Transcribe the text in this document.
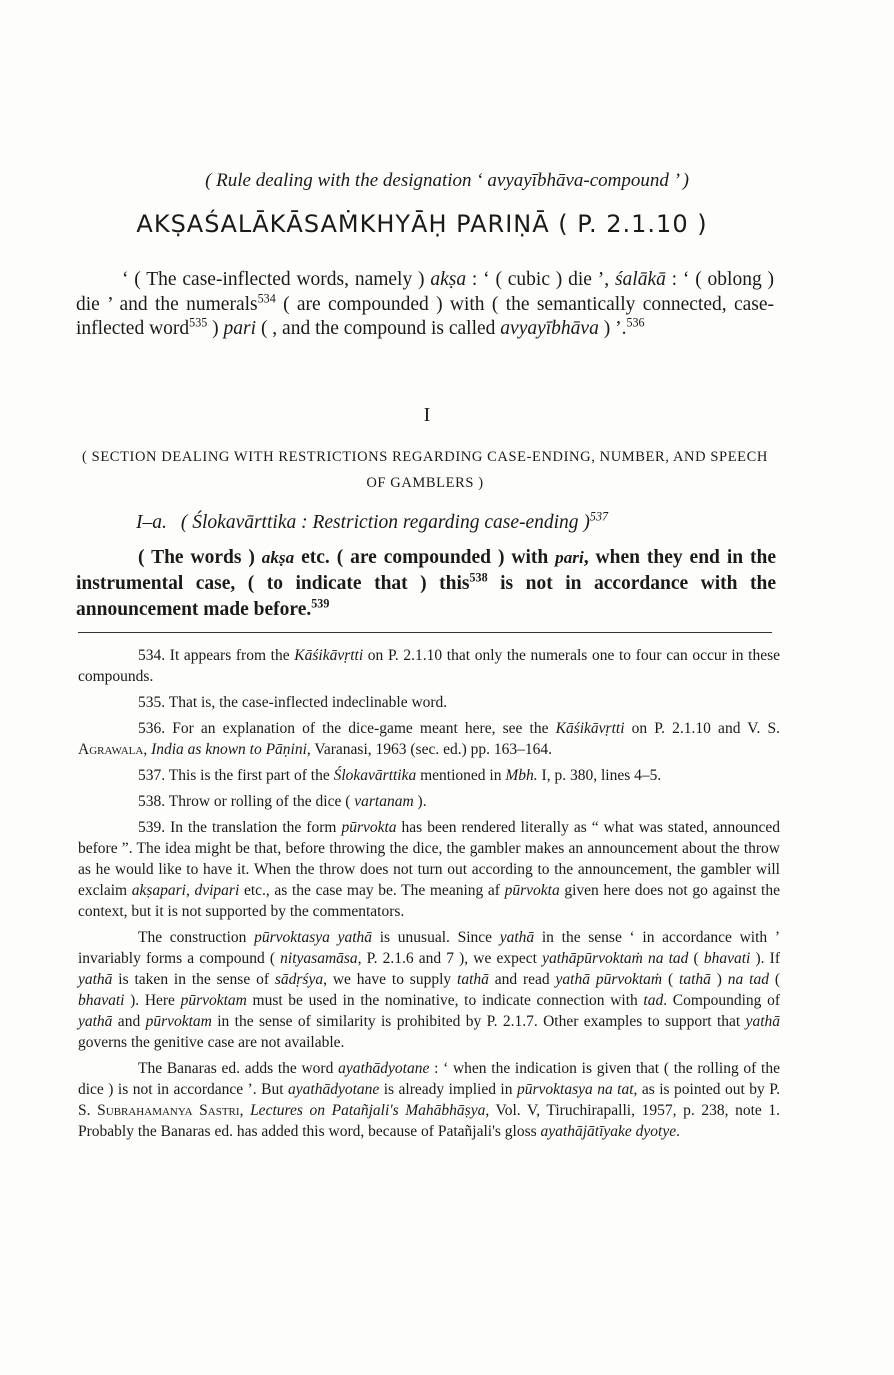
( Rule dealing with the designation ‘ avyayībhāva-compound ’ )
AKṢAŚALĀKĀSAṀKHYĀḤ PARIṆĀ ( P. 2.1.10 )

‘ ( The case-inflected words, namely ) akṣa : ‘ ( cubic ) die ’, śalākā : ‘ ( oblong ) die ’ and the numerals$^{534}$ ( are compounded ) with ( the semantically connected, case-inflected word$^{535}$ ) pari ( , and the compound is called avyayībhāva ) ’.$^{536}$

I
( SECTION DEALING WITH RESTRICTIONS REGARDING CASE-ENDING, NUMBER, AND SPEECH OF GAMBLERS )
I–a. ( Ślokavārttika : Restriction regarding case-ending )$^{537}$

( The words ) akṣa etc. ( are compounded ) with pari, when they end in the instrumental case, ( to indicate that ) this$^{538}$ is not in accordance with the announcement made before.$^{539}$

534. It appears from the Kāśikāvṛtti on P. 2.1.10 that only the numerals one to four can occur in these compounds.

535. That is, the case-inflected indeclinable word.

536. For an explanation of the dice-game meant here, see the Kāśikāvṛtti on P. 2.1.10 and V. S. Agrawala, India as known to Pāṇini, Varanasi, 1963 (sec. ed.) pp. 163–164.

537. This is the first part of the Ślokavārttika mentioned in Mbh. I, p. 380, lines 4–5.

538. Throw or rolling of the dice ( vartanam ).

539. In the translation the form pūrvokta has been rendered literally as “ what was stated, announced before ”. The idea might be that, before throwing the dice, the gambler makes an announcement about the throw as he would like to have it. When the throw does not turn out according to the announcement, the gambler will exclaim akṣapari, dvipari etc., as the case may be. The meaning af pūrvokta given here does not go against the context, but it is not supported by the commentators.

The construction pūrvoktasya yathā is unusual. Since yathā in the sense ‘ in accordance with ’ invariably forms a compound ( nityasamāsa, P. 2.1.6 and 7 ), we expect yathāpūrvoktaṁ na tad ( bhavati ). If yathā is taken in the sense of sādṛśya, we have to supply tathā and read yathā pūrvoktaṁ ( tathā ) na tad ( bhavati ). Here pūrvoktam must be used in the nominative, to indicate connection with tad. Compounding of yathā and pūrvoktam in the sense of similarity is prohibited by P. 2.1.7. Other examples to support that yathā governs the genitive case are not available.

The Banaras ed. adds the word ayathādyotane : ‘ when the indication is given that ( the rolling of the dice ) is not in accordance ’. But ayathādyotane is already implied in pūrvoktasya na tat, as is pointed out by P. S. Subrahamanya Sastri, Lectures on Patañjali's Mahābhāṣya, Vol. V, Tiruchirapalli, 1957, p. 238, note 1. Probably the Banaras ed. has added this word, because of Patañjali's gloss ayathājātīyake dyotye.
